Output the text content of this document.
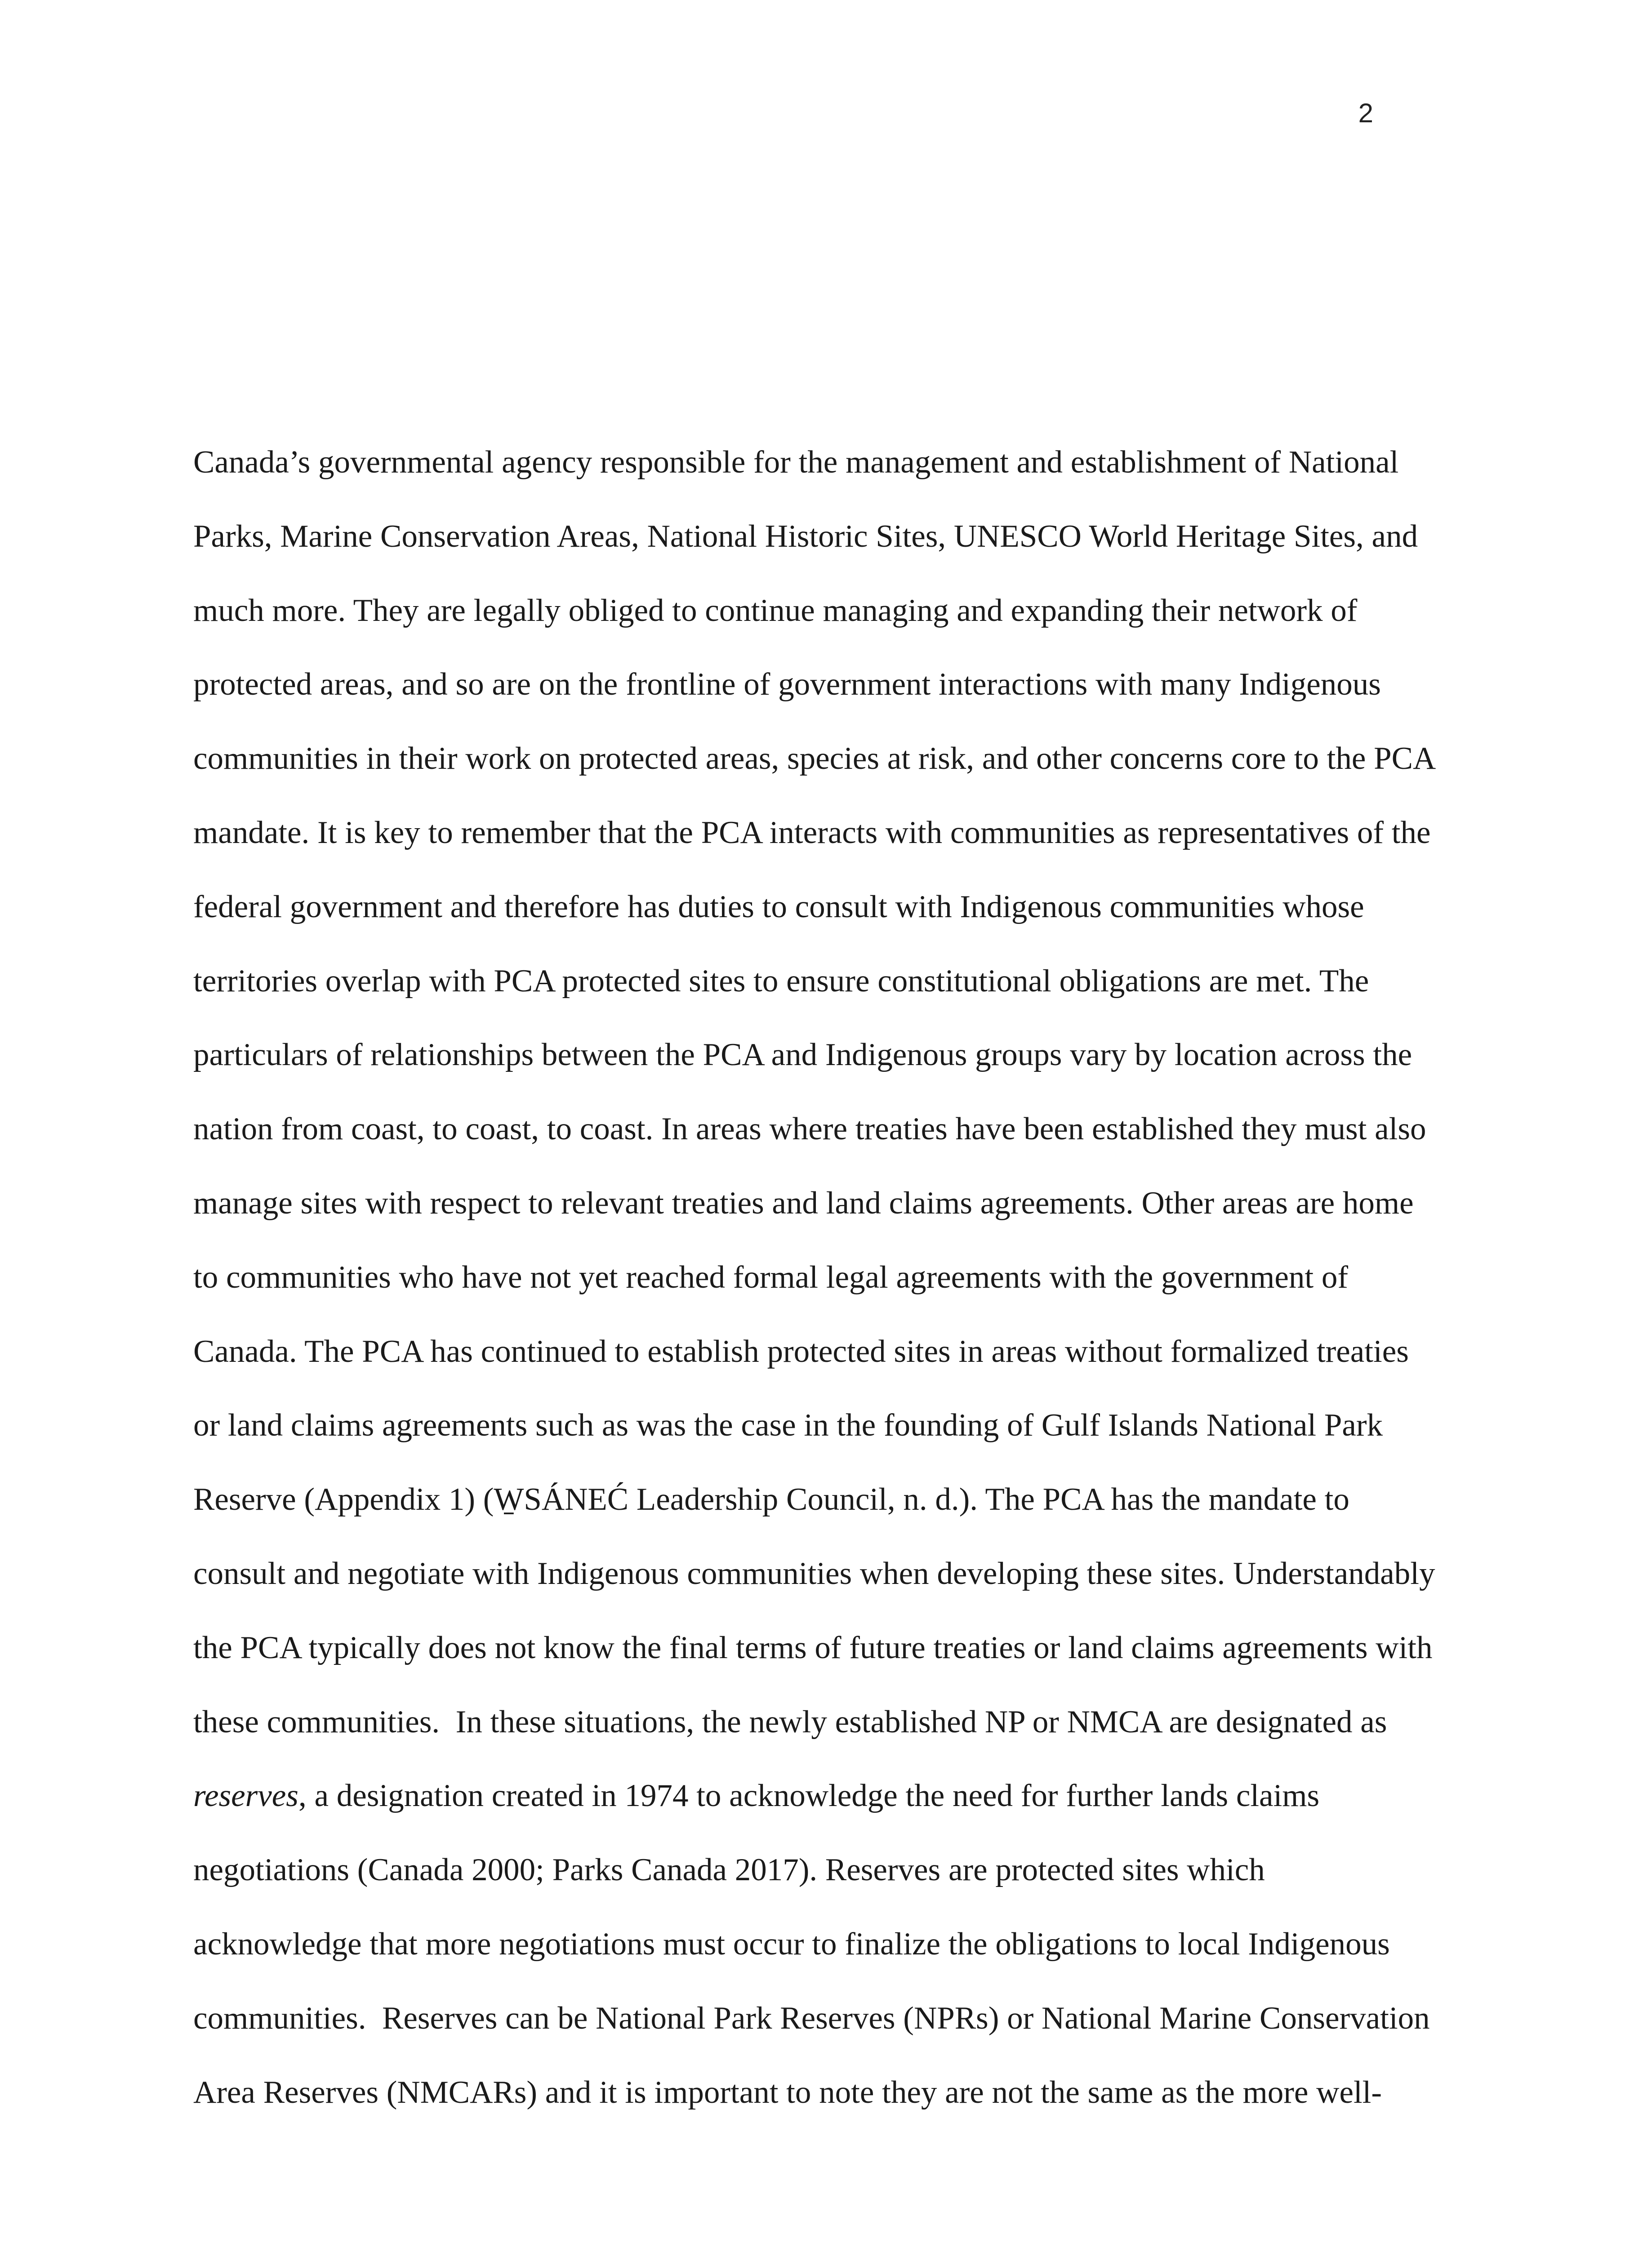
2
Canada’s governmental agency responsible for the management and establishment of National
Parks, Marine Conservation Areas, National Historic Sites, UNESCO World Heritage Sites, and
much more. They are legally obliged to continue managing and expanding their network of
protected areas, and so are on the frontline of government interactions with many Indigenous
communities in their work on protected areas, species at risk, and other concerns core to the PCA
mandate. It is key to remember that the PCA interacts with communities as representatives of the
federal government and therefore has duties to consult with Indigenous communities whose
territories overlap with PCA protected sites to ensure constitutional obligations are met. The
particulars of relationships between the PCA and Indigenous groups vary by location across the
nation from coast, to coast, to coast. In areas where treaties have been established they must also
manage sites with respect to relevant treaties and land claims agreements. Other areas are home
to communities who have not yet reached formal legal agreements with the government of
Canada. The PCA has continued to establish protected sites in areas without formalized treaties
or land claims agreements such as was the case in the founding of Gulf Islands National Park
Reserve (Appendix 1) (W̱SÁNEĆ Leadership Council, n. d.). The PCA has the mandate to
consult and negotiate with Indigenous communities when developing these sites. Understandably
the PCA typically does not know the final terms of future treaties or land claims agreements with
these communities.  In these situations, the newly established NP or NMCA are designated as
reserves, a designation created in 1974 to acknowledge the need for further lands claims
negotiations (Canada 2000; Parks Canada 2017). Reserves are protected sites which
acknowledge that more negotiations must occur to finalize the obligations to local Indigenous
communities.  Reserves can be National Park Reserves (NPRs) or National Marine Conservation
Area Reserves (NMCARs) and it is important to note they are not the same as the more well-
